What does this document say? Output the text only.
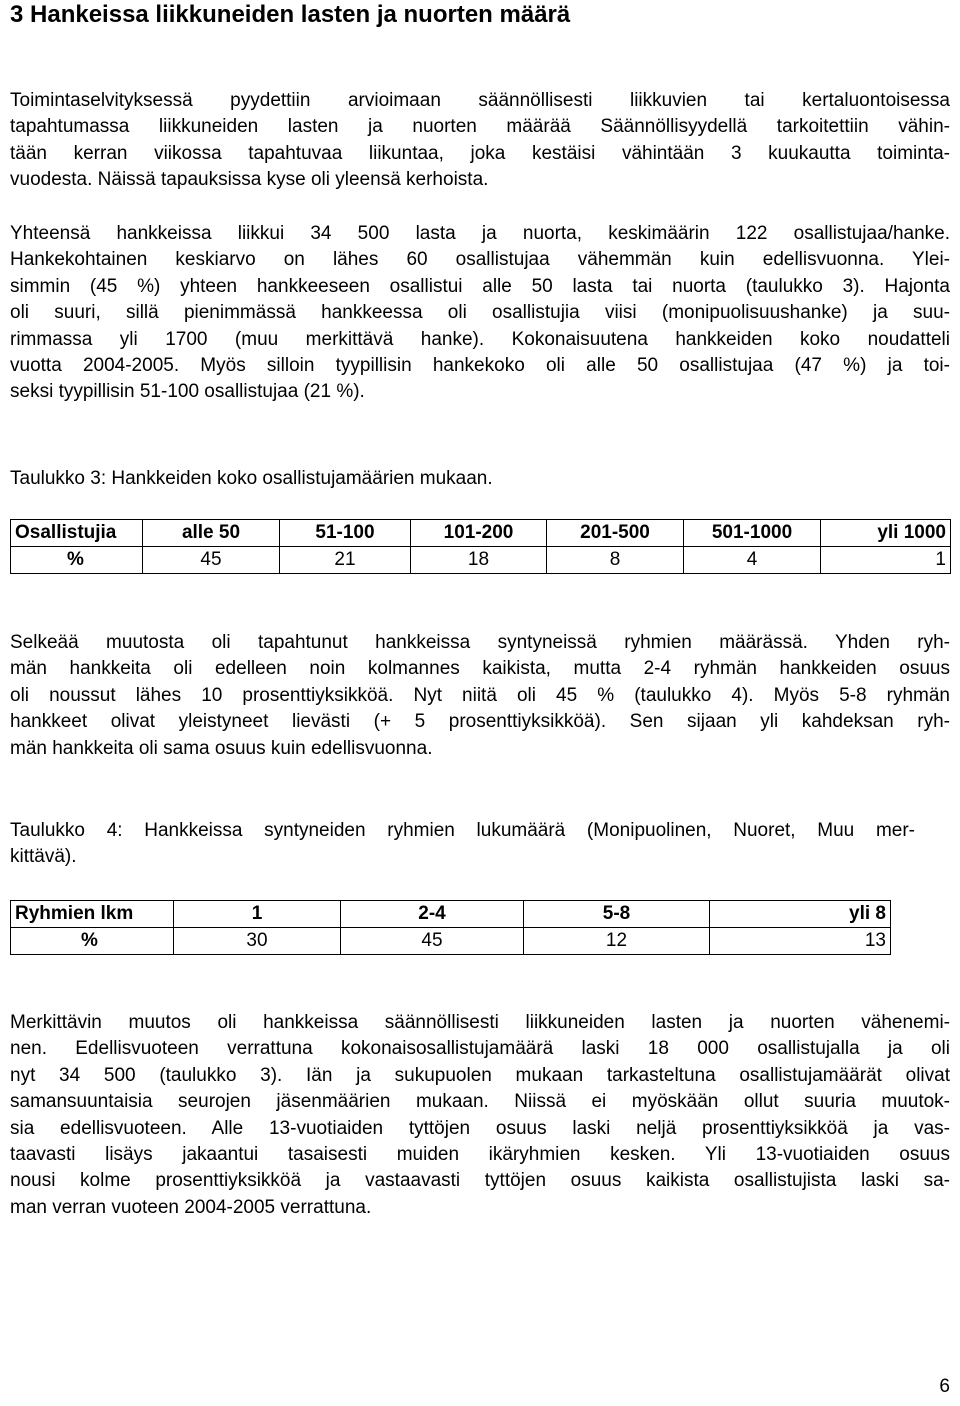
3 Hankeissa liikkuneiden lasten ja nuorten määrä
Toimintaselvityksessä pyydettiin arvioimaan säännöllisesti liikkuvien tai kertaluontoisessa
tapahtumassa liikkuneiden lasten ja nuorten määrää Säännöllisyydellä tarkoitettiin vähin-
tään kerran viikossa tapahtuvaa liikuntaa, joka kestäisi vähintään 3 kuukautta toiminta-
vuodesta. Näissä tapauksissa kyse oli yleensä kerhoista.
Yhteensä hankkeissa liikkui 34 500 lasta ja nuorta, keskimäärin 122 osallistujaa/hanke.
Hankekohtainen keskiarvo on lähes 60 osallistujaa vähemmän kuin edellisvuonna. Ylei-
simmin (45 %) yhteen hankkeeseen osallistui alle 50 lasta tai nuorta (taulukko 3). Hajonta
oli suuri, sillä pienimmässä hankkeessa oli osallistujia viisi (monipuolisuushanke) ja suu-
rimmassa yli 1700 (muu merkittävä hanke). Kokonaisuutena hankkeiden koko noudatteli
vuotta 2004-2005. Myös silloin tyypillisin hankekoko oli alle 50 osallistujaa (47 %) ja toi-
seksi tyypillisin 51-100 osallistujaa (21 %).
Taulukko 3: Hankkeiden koko osallistujamäärien mukaan.
Osallistujia	alle 50	51-100	101-200	201-500	501-1000	yli 1000
%	45	21	18	8	4	1
Selkeää muutosta oli tapahtunut hankkeissa syntyneissä ryhmien määrässä. Yhden ryh-
män hankkeita oli edelleen noin kolmannes kaikista, mutta 2-4 ryhmän hankkeiden osuus
oli noussut lähes 10 prosenttiyksikköä. Nyt niitä oli 45 % (taulukko 4). Myös 5-8 ryhmän
hankkeet olivat yleistyneet lievästi (+ 5 prosenttiyksikköä). Sen sijaan yli kahdeksan ryh-
män hankkeita oli sama osuus kuin edellisvuonna.
Taulukko 4: Hankkeissa syntyneiden ryhmien lukumäärä (Monipuolinen, Nuoret, Muu mer-
kittävä).
Ryhmien lkm	1	2-4	5-8	yli 8
%	30	45	12	13
Merkittävin muutos oli hankkeissa säännöllisesti liikkuneiden lasten ja nuorten vähenemi-
nen. Edellisvuoteen verrattuna kokonaisosallistujamäärä laski 18 000 osallistujalla ja oli
nyt 34 500 (taulukko 3). Iän ja sukupuolen mukaan tarkasteltuna osallistujamäärät olivat
samansuuntaisia seurojen jäsenmäärien mukaan. Niissä ei myöskään ollut suuria muutok-
sia edellisvuoteen. Alle 13-vuotiaiden tyttöjen osuus laski neljä prosenttiyksikköä ja vas-
taavasti lisäys jakaantui tasaisesti muiden ikäryhmien kesken. Yli 13-vuotiaiden osuus
nousi kolme prosenttiyksikköä ja vastaavasti tyttöjen osuus kaikista osallistujista laski sa-
man verran vuoteen 2004-2005 verrattuna.
6
